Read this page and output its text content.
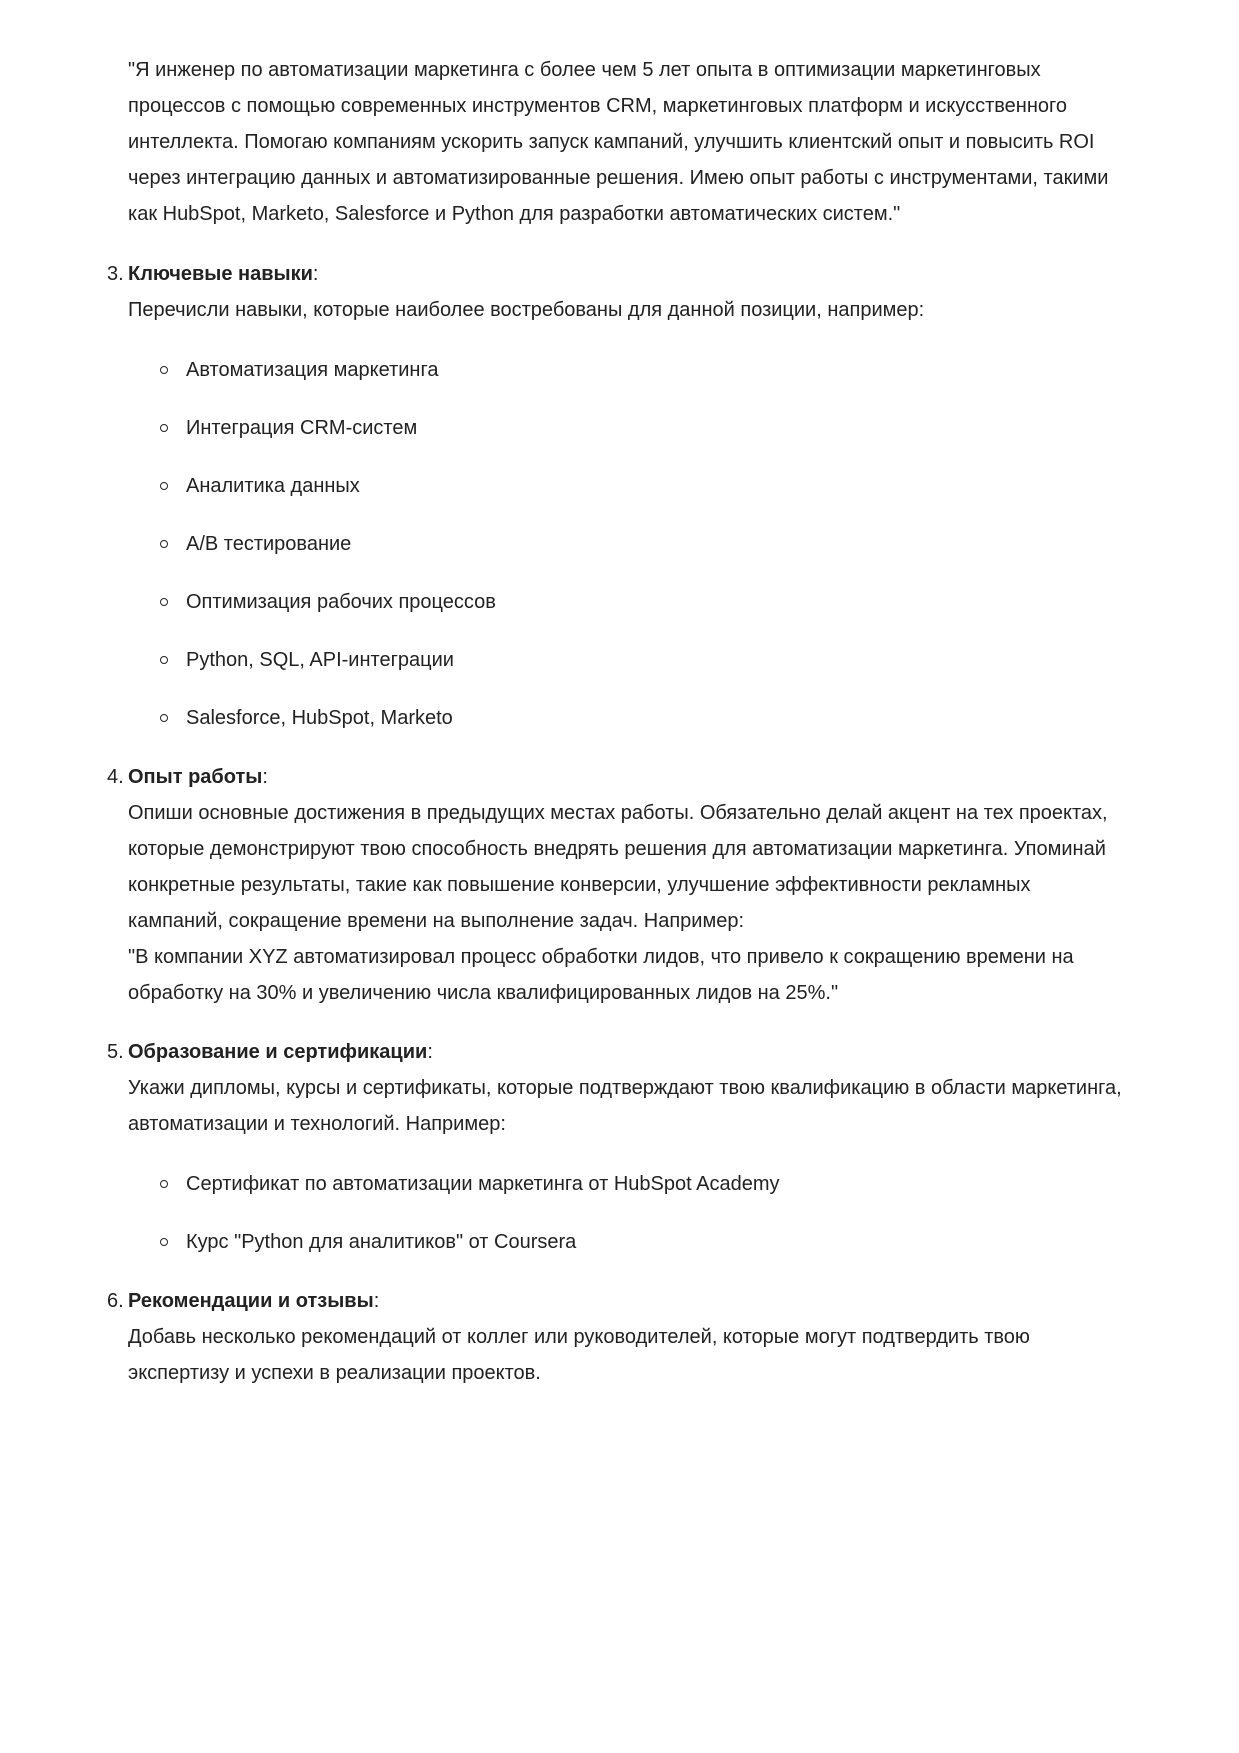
"Я инженер по автоматизации маркетинга с более чем 5 лет опыта в оптимизации маркетинговых процессов с помощью современных инструментов CRM, маркетинговых платформ и искусственного интеллекта. Помогаю компаниям ускорить запуск кампаний, улучшить клиентский опыт и повысить ROI через интеграцию данных и автоматизированные решения. Имею опыт работы с инструментами, такими как HubSpot, Marketo, Salesforce и Python для разработки автоматических систем."

3. Ключевые навыки:
Перечисли навыки, которые наиболее востребованы для данной позиции, например:
Автоматизация маркетинга
Интеграция CRM-систем
Аналитика данных
A/B тестирование
Оптимизация рабочих процессов
Python, SQL, API-интеграции
Salesforce, HubSpot, Marketo
4. Опыт работы:
Опиши основные достижения в предыдущих местах работы. Обязательно делай акцент на тех проектах, которые демонстрируют твою способность внедрять решения для автоматизации маркетинга. Упоминай конкретные результаты, такие как повышение конверсии, улучшение эффективности рекламных кампаний, сокращение времени на выполнение задач. Например:
"В компании XYZ автоматизировал процесс обработки лидов, что привело к сокращению времени на обработку на 30% и увеличению числа квалифицированных лидов на 25%."
5. Образование и сертификации:
Укажи дипломы, курсы и сертификаты, которые подтверждают твою квалификацию в области маркетинга, автоматизации и технологий. Например:
Сертификат по автоматизации маркетинга от HubSpot Academy
Курс "Python для аналитиков" от Coursera
6. Рекомендации и отзывы:
Добавь несколько рекомендаций от коллег или руководителей, которые могут подтвердить твою экспертизу и успехи в реализации проектов.
